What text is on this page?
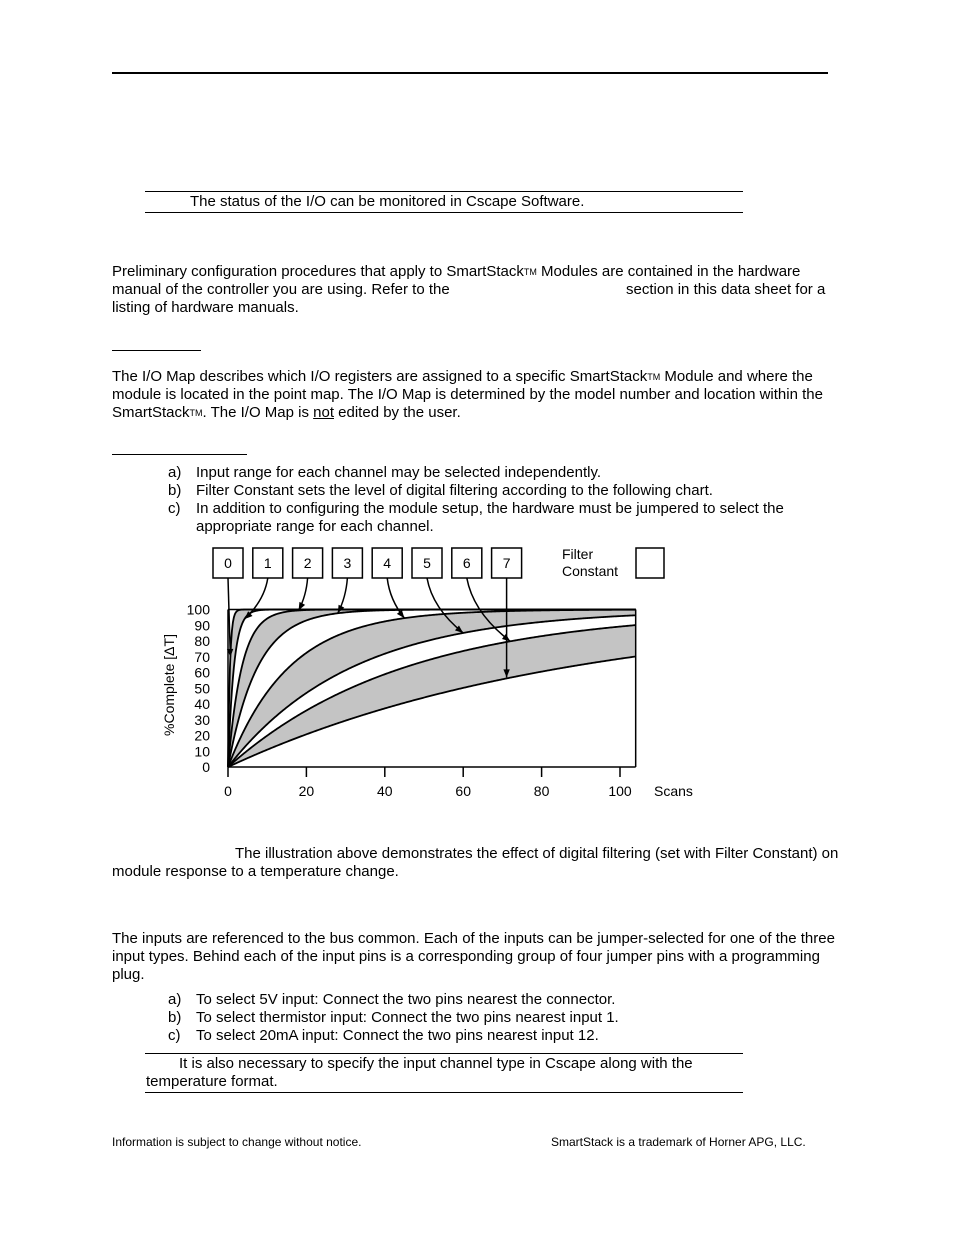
The status of the I/O can be monitored in Cscape Software.
Preliminary configuration procedures that apply to SmartStackTM Modules are contained in the hardware manual of the controller you are using. Refer to the	section in this data sheet for a listing of hardware manuals.
The I/O Map describes which I/O registers are assigned to a specific SmartStackTM Module and where the module is located in the point map. The I/O Map is determined by the model number and location within the SmartStackTM. The I/O Map is not edited by the user.
a) Input range for each channel may be selected independently.
b) Filter Constant sets the level of digital filtering according to the following chart.
c) In addition to configuring the module setup, the hardware must be jumpered to select the appropriate range for each channel.
0
10
20
30
40
50
60
70
80
90
100
0	20	40	60	80	100
0 1 2 3 4 5 6 7
Filter
Constant
Scans
%Complete [ΔT]
The illustration above demonstrates the effect of digital filtering (set with Filter Constant) on module response to a temperature change.
The inputs are referenced to the bus common. Each of the inputs can be jumper-selected for one of the three input types. Behind each of the input pins is a corresponding group of four jumper pins with a programming plug.
a) To select 5V input: Connect the two pins nearest the connector.
b) To select thermistor input: Connect the two pins nearest input 1.
c) To select 20mA input: Connect the two pins nearest input 12.
It is also necessary to specify the input channel type in Cscape along with the temperature format.
Information is subject to change without notice.	SmartStack is a trademark of Horner APG, LLC.
